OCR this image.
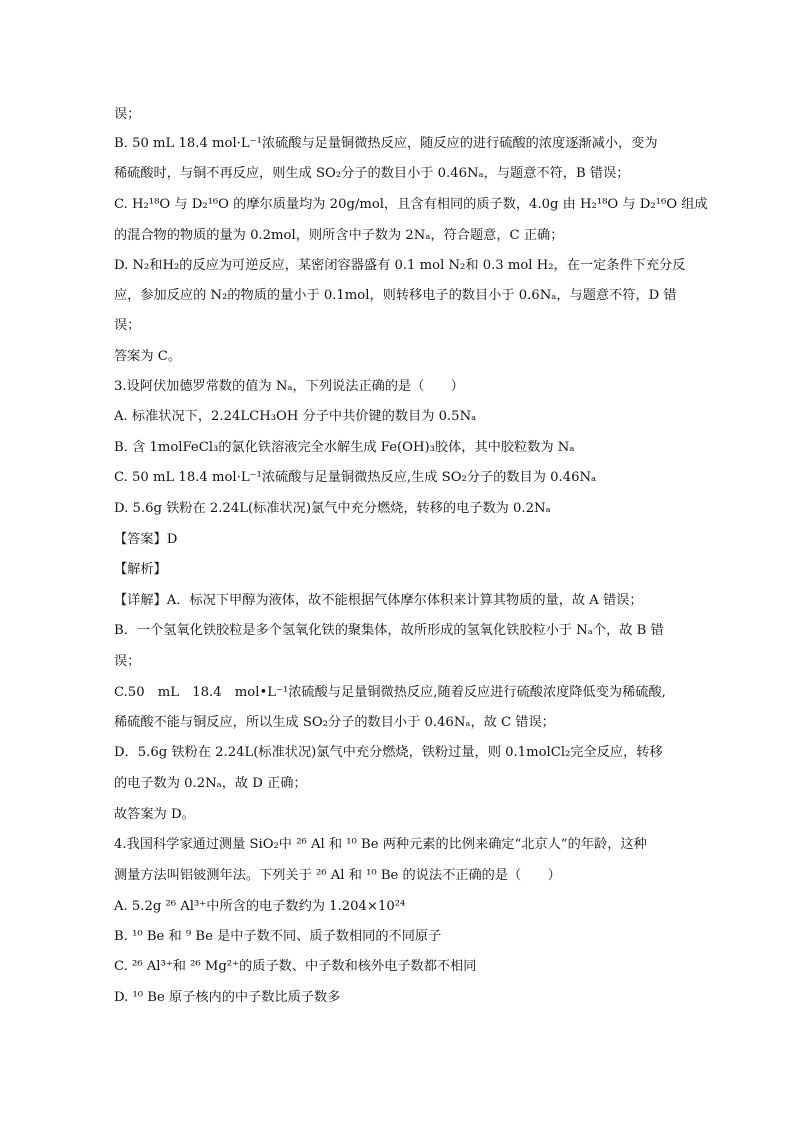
误；
B. 50 mL 18.4 mol·L⁻¹浓硫酸与足量铜微热反应，随反应的进行硫酸的浓度逐渐减小，变为
稀硫酸时，与铜不再反应，则生成 SO₂分子的数目小于 0.46Nₐ，与题意不符，B 错误；
C. H₂¹⁸O 与 D₂¹⁶O 的摩尔质量均为 20g/mol，且含有相同的质子数，4.0g 由 H₂¹⁸O 与 D₂¹⁶O 组成
的混合物的物质的量为 0.2mol，则所含中子数为 2Nₐ，符合题意，C 正确；
D. N₂和H₂的反应为可逆反应，某密闭容器盛有 0.1 mol N₂和 0.3 mol H₂，在一定条件下充分反
应，参加反应的 N₂的物质的量小于 0.1mol，则转移电子的数目小于 0.6Nₐ，与题意不符，D 错
误；
答案为 C。
3.设阿伏加德罗常数的值为 Nₐ，下列说法正确的是（　　）
A. 标准状况下，2.24LCH₃OH 分子中共价键的数目为 0.5Nₐ
B. 含 1molFeCl₃的氯化铁溶液完全水解生成 Fe(OH)₃胶体，其中胶粒数为 Nₐ
C. 50 mL 18.4 mol·L⁻¹浓硫酸与足量铜微热反应,生成 SO₂分子的数目为 0.46Nₐ
D. 5.6g 铁粉在 2.24L(标准状况)氯气中充分燃烧，转移的电子数为 0.2Nₐ
【答案】D
【解析】
【详解】A．标况下甲醇为液体，故不能根据气体摩尔体积来计算其物质的量，故 A 错误；
B．一个氢氧化铁胶粒是多个氢氧化铁的聚集体，故所形成的氢氧化铁胶粒小于 Nₐ个，故 B 错
误；
C.50　mL　18.4　mol•L⁻¹浓硫酸与足量铜微热反应,随着反应进行硫酸浓度降低变为稀硫酸,
稀硫酸不能与铜反应，所以生成 SO₂分子的数目小于 0.46Nₐ，故 C 错误；
D．5.6g 铁粉在 2.24L(标准状况)氯气中充分燃烧，铁粉过量，则 0.1molCl₂完全反应，转移
的电子数为 0.2Nₐ，故 D 正确；
故答案为 D。
4.我国科学家通过测量 SiO₂中 ²⁶ Al 和 ¹⁰ Be 两种元素的比例来确定“北京人”的年龄，这种
测量方法叫铝铍测年法。下列关于 ²⁶ Al 和 ¹⁰ Be 的说法不正确的是（　　）
A. 5.2g ²⁶ Al³⁺中所含的电子数约为 1.204×10²⁴
B. ¹⁰ Be 和 ⁹ Be 是中子数不同、质子数相同的不同原子
C. ²⁶ Al³⁺和 ²⁶ Mg²⁺的质子数、中子数和核外电子数都不相同
D. ¹⁰ Be 原子核内的中子数比质子数多
